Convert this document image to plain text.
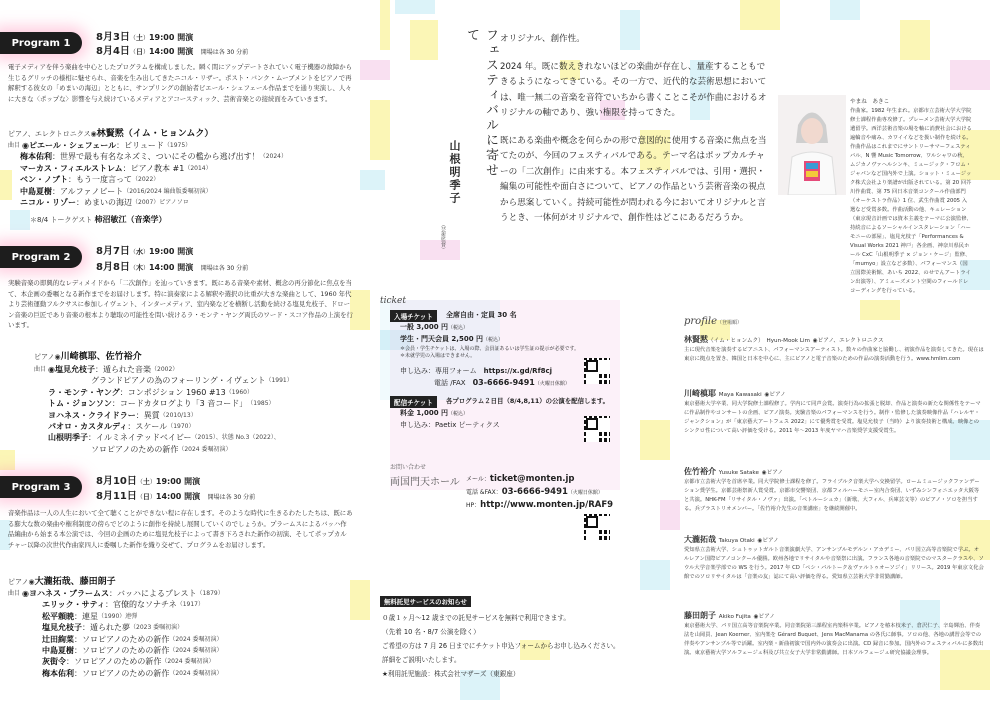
Program 1	8月3日（土）19:00 開演
8月4日（日）14:00 開演 開場は各 30 分前
電子メディアを伴う楽曲を中心としたプログラムを構成しました。瞬く間にアップデートされていく電子機器の故障から生じるグリッチの様相に魅せられ、音楽を生み出してきたニコル・リザー。ポスト・バンク・ムーブメントをピアノで再解釈する彼女の「めまいの海辺」とともに、サンプリングの創始者ピエール・シェフェール作品までを通り実演し、人々に大きな〈ポップな〉影響を与え続けているメディアとアコースティック、芸術音楽との接続面をみていきます。
ピアノ、エレクトロニクス◉林賢黙（イム・ヒョンムク）
曲目 ◉ ピエール・シェフェール ：ビリュード （1975）
梅本佑利 ：世界で最も有名なネズミ、ついにその檻から逃げ出す！ （2024）
マーカス・フィエルストレム ：ピアノ教本 #1 （2014）
ベン・ノブト ：もう一度言って （2022）
中島夏樹 ：アルファノビート （2016/2024 編曲版委嘱初演）
ニコル・リゾー ：めまいの海辺 （2007）ピアノソロ
＊8/4 トークゲスト 柿沼敏江（音楽学）
Program 2	8月7日（水）19:00 開演
8月8日（木）14:00 開演 開場は各 30 分前
実験音楽の即興的なレディメイドから「二次創作」を辿っていきます。既にある音楽や素材、概念の再分節化に焦点を当て、本企画の委嘱となる新作までをお届けします。特に演奏家による解釈や選択の比重が大きな楽曲として、1960 年代より芸術運動フルクサスに参加しイヴェント、インターメディア、室内楽などを横断し活動を続ける塩見允枝子、ドローン音楽の巨匠であり音楽の根本より聴取の可能性を問い続けるラ・モンテ・ヤング両氏のワード・スコア作品の上演を行います。
ピアノ◉川崎槙耶、佐竹裕介
曲目 ◉ 塩見允枝子 ：遁られた音楽 （2002）
グランドピアノの為のフォーリング・イヴェント （1991）
ラ・モンテ・ヤング ：コンポジション 1960 #13 （1960）
トム・ジョンソン ：コードカタログより「3 音コード」 （1985）
ヨハネス・クライドラー ：異質 （2010/13）
パオロ・カスタルディ ：スケール （1970）
山根明季子 ：イルミネイテッドベイビー （2015）、状態 No.3（2022）、
ソロピアノのための新作 （2024 委嘱初演）
Program 3	8月10日（土）19:00 開演
8月11日（日）14:00 開演 開場は各 30 分前
音楽作品は一人の人生において全て聴くことができない程に存在します。そのような時代に生きるわたしたちは、既にある膨大な数の楽曲や権利制度の傍らでどのように創作を持続し展開していくのでしょうか。プラームスによるバッハ作品編曲から始まる本公演では、今回の企画のために塩見允枝子によって書き下ろされた新作の初演、そしてポップカルチャー以降の次世代作曲家四人に委嘱した新作を織り交ぜて、プログラムをお届けします。
ピアノ◉大瀧拓哉、藤田朗子
曲目 ◉ ヨハネス・ブラームス ：バッハによるプレスト （1879）
エリック・サティ ：官僚的なソナチネ （1917）
松平頼暁 ：連星 （1990）連弾
塩見允枝子 ：遁られた夢 （2023 委嘱初演）
辻田絢菜 ：ソロピアノのための新作 （2024 委嘱初演）
中島夏樹 ：ソロピアノのための新作 （2024 委嘱初演）
灰街令 ：ソロピアノのための新作 （2024 委嘱初演）
梅本佑利 ：ソロピアノのための新作 （2024 委嘱初演）
フェスティバルに寄せて
山根明季子
（芸術監督）

オリジナル、創作性。

2024 年。既に数えきれないほどの楽曲が存在し、量産することもできるようになってきている。その一方で、近代的な芸術思想においては、唯一無二の音楽を音符でいちから書くことこそが作曲におけるオリジナルの軸であり、強い権限を持ってきた。

既にある楽曲や概念を何らかの形で意図的に使用する音楽に焦点を当てたのが、今回のフェスティバルである。テーマ名はポップカルチャーの「二次創作」に由来する。本フェスティバルでは、引用・選択・編集の可能性や面白さについて、ピアノの作品という芸術音楽の視点から思案していく。持続可能性が問われる今においてオリジナルと言うとき、一体何がオリジナルで、創作性はどこにあるだろうか。

やまね　あきこ
作曲家。1982 年生まれ。京都市立芸術大学大学院修士課程作曲専攻修了。プレーメン芸術大学大学院遺留学。西洋芸術音楽の場を軸に消費社会における遍輪音や痛み、カワイイなどを扱い制作を続ける。作曲作品はこれまでにサントリーサマーフェスティバル、N 響 Music Tomorrow、ワルシャワの秋、ムジカノヴァヘルシンキ、ミュージック・フロム・ジャパンなど国内外で上演。ショット・ミュージック株式会社より楽譜が出版されている。第 20 回芥川作曲賞、第 75 回日本音楽コンクール作曲部門（オーケストラ作品）1 位、武生作曲賞 2005 入選など受賞多数。作曲活動の他、キュレーション（東京現音計画では資本主義をテーマに公演監修、持続音によるソーシャルインスタレーション「ハーモニーの部屋」、塩見允枝子「Performances & Visual Works 2021 神戸」各企画、神奈川県民ホール CxC「山根明季子 × ジョン・ケージ」監修、「mumyo」設立など多数）、パフォーマンス（国立国際美術館、あいち 2022、のせでんアートライン出演等）、アミューズメント空間のフィールドレコーディングを行っている。
ticket
入場チケット	全席自由・定員 30 名
一般 3,000 円（税込）
学生・門天会員 2,500 円（税込）
＊会員・学生チケットは、入場の際、会員証あるいは学生証の提示が必要です。
＊未就学児の入場はできません。
申し込み：専用フォーム　 https://x.gd/Rf8cj
電話 /FAX　 03-6666-9491（火曜日休館）
配信チケット	各プログラム２日目（8/4,8,11）の公演を配信します。
料金 1,000 円（税込）
申し込み：Paetix ピーティクス
お問い合わせ
両国門天ホール メール：ticket@monten.jp
電話 &FAX：03-6666-9491（火曜日休館）
HP：http://www.monten.jp/RAF9
無料託児サービスのお知らせ
０歳１ヶ月〜12 歳までの託児サービスを無料で利用できます。
（先着 10 名・8/7 公演を除く）
ご希望の方は 7 月 26 日までにチケット申込フォームからお申し込みください。
詳細をご説明いたします。
★利用託児施設：株式会社マザーズ（東銀座）
profile（登場順）
林賢黙（イム・ヒョンムク） Hyun-Mook Lim ◉ピアノ、エレクトロニクス
主に現代音楽を演奏するピアニスト、パフォーマンスアーティスト。数々の作曲家と協働し、初演作品を演奏してきた。現在は東京に拠点を置き、韓国と日本を中心に、主にピアノと電子音楽のための作品の演奏活動を行う。www.hmlim.com
川崎槙耶 Maya Kawasaki ◉ピアノ
東京藝術大学卒業、同大学院修士課程修了。学内にて同声会賞。演奏行為の拡張と脱却、作品と演奏の新たな関係性をテーマに作品制作やコンサートの企画、ピアノ演奏。実験音楽のパフォーマンスを行う。制作・監修した演奏映像作品『ハレルヤ・ジャンクション』が「東京藝大アートフェス 2022」にて優秀賞を受賞。塩見允枝子（当時）より演奏技術と構成、映像とのシンクロ性について高い評価を受ける。2011 年〜2013 年度ヤマハ音楽奨学支援受賞生。
佐竹裕介 Yusuke Satake ◉ピアノ
京都市立芸術大学を首席卒業。同大学院修士課程を修了。フライブルク音楽大学へ交換留学。ロームミュージックファンデーション奨学生。京都芸術祭新人賞受賞。京都市交響楽団、京都フィルハーモニー室内合奏団、いずみシンフォニエッタ大阪等と共演。NHK-FM「リサイタル・ノヴァ」出演。「ペトルーシュカ」（新歌、大フィル、兵庫芸文等）のピアノ・ソロを担当する。兵ブラストリオメンバー。「佐竹裕介先生の音楽講座」を継続開催中。
大瀧拓哉 Takuya Otaki ◉ピアノ
愛知県立芸術大学、シュトゥットガルト音楽演劇大学、アンサンブルモデルン・アカデミー、パリ国立高等音楽院で学ぶ。オルレアン国際ピアノコンクール優勝。欧州各地でリサイタルや音楽祭に出演。フランス各地の音楽院でのマスタークラスや、ソウル大学音楽学部での WS を行う。2017 年 CD「ペシ・バルトーク＆ヴァルトゥオーソジイ」リリース。2019 年東京文化会館でのソロリサイタルは「音楽の友」誌にて高い評価を得る。愛知県立芸術大学非常勤講師。
藤田朗子 Akiko Fujita ◉ピアノ
東京藝術大学、パリ国立高等音楽院卒業。同音楽院第三課程室内楽科卒業。ピアノを椿本枝米子、倉沢仁子、辛島輝治、伴奏法を山岡買、Jean Koerner、室内楽を Gérard Buquet、Jens MacManama の各氏に師事。ソロの他、各地の講習会等での伴奏やアンサンブル等で活躍。室内楽・新曲初演で国内外の演奏会に出演。CD 録音に参加。国内外のフェスティバルに多数出演。東京藝術大学ソルフェージュ科及び共立女子大学非常勤講師。日本ソルフェージュ研究協議会理事。
